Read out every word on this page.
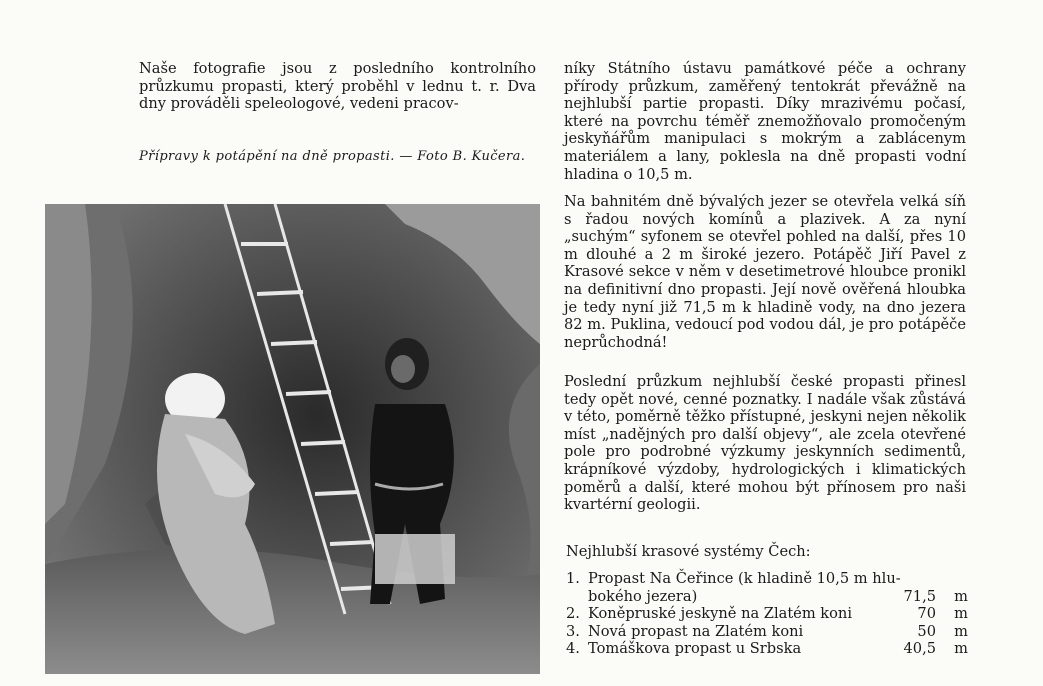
Naše fotografie jsou z posledního kontrolního průzkumu propasti, který proběhl v lednu t. r. Dva dny prováděli speleologové, vedeni pracov-

Přípravy k potápění na dně propasti. — Foto B. Kučera.

níky Státního ústavu památkové péče a ochrany přírody průzkum, zaměřený tentokrát převážně na nejhlubší partie propasti. Díky mrazivému počasí, které na povrchu téměř znemožňovalo promočeným jeskyňářům manipulaci s mokrým a zablácenym materiálem a lany, poklesla na dně propasti vodní hladina o 10,5 m.

Na bahnitém dně bývalých jezer se otevřela velká síň s řadou nových komínů a plazivek. A za nyní „suchým“ syfonem se otevřel pohled na další, přes 10 m dlouhé a 2 m široké jezero. Potápěč Jiří Pavel z Krasové sekce v něm v desetimetrové hloubce pronikl na definitivní dno propasti. Její nově ověřená hloubka je tedy nyní již 71,5 m k hladině vody, na dno jezera 82 m. Puklina, vedoucí pod vodou dál, je pro potápěče neprůchodná!

Poslední průzkum nejhlubší české propasti přinesl tedy opět nové, cenné poznatky. I nadále však zůstává v této, poměrně těžko přístupné, jeskyni nejen několik míst „nadějných pro další objevy“, ale zcela otevřené pole pro podrobné výzkumy jeskynních sedimentů, krápníkové výzdoby, hydrologických i klimatických poměrů a další, které mohou být přínosem pro naši kvartérní geologii.

Nejhlubší krasové systémy Čech:
1. Propast Na Čeřince (k hladině 10,5 m hlu-
bokého jezera)	71,5	m
2. Koněpruské jeskyně na Zlatém koni	70	m
3. Nová propast na Zlatém koni	50	m
4. Tomáškova propast u Srbska	40,5	m
